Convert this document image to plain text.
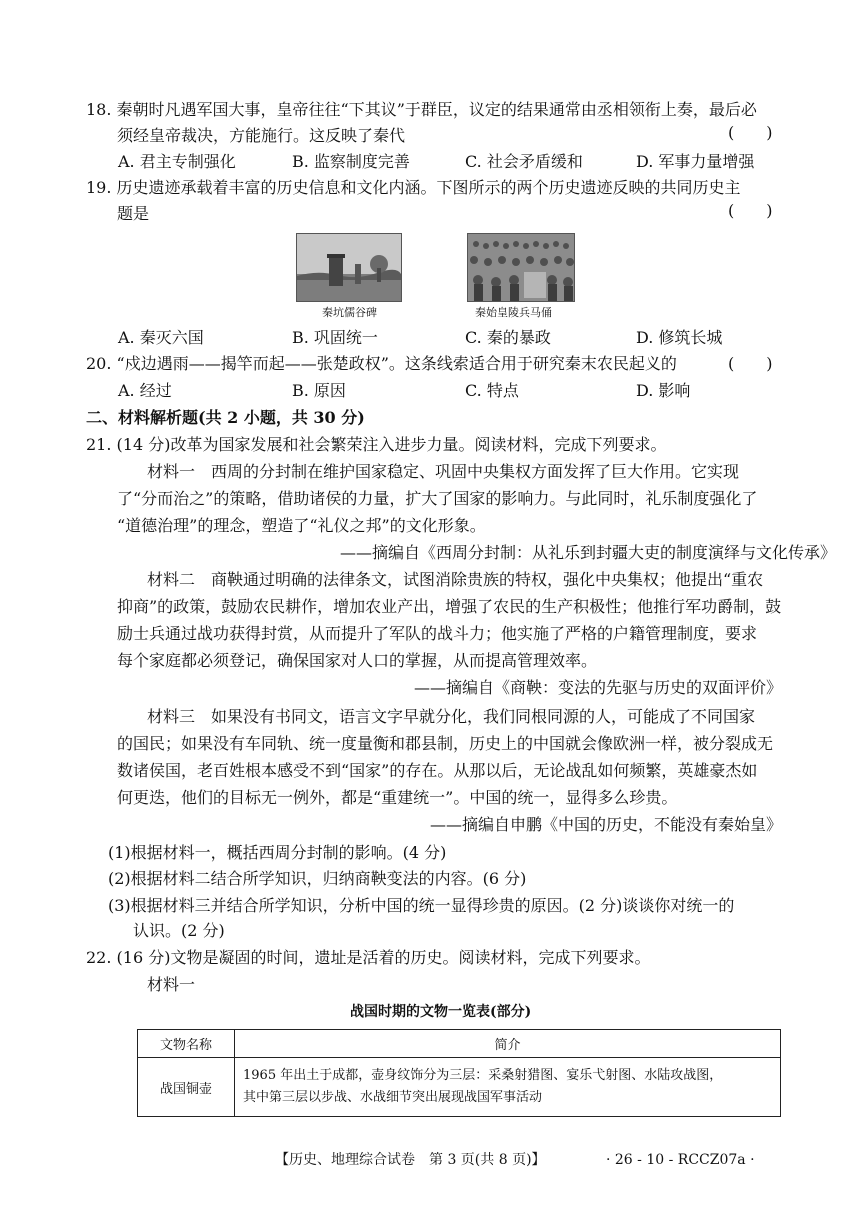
18. 秦朝时凡遇军国大事，皇帝往往“下其议”于群臣，议定的结果通常由丞相领衔上奏，最后必
须经皇帝裁决，方能施行。这反映了秦代	(　　)
A. 君主专制强化	B. 监察制度完善	C. 社会矛盾缓和	D. 军事力量增强
19. 历史遗迹承载着丰富的历史信息和文化内涵。下图所示的两个历史遗迹反映的共同历史主
题是	(　　)
秦坑儒谷碑	秦始皇陵兵马俑
A. 秦灭六国	B. 巩固统一	C. 秦的暴政	D. 修筑长城
20. “戍边遇雨——揭竿而起——张楚政权”。这条线索适合用于研究秦末农民起义的	(　　)
A. 经过	B. 原因	C. 特点	D. 影响
二、材料解析题(共 2 小题，共 30 分)
21. (14 分)改革为国家发展和社会繁荣注入进步力量。阅读材料，完成下列要求。
材料一　西周的分封制在维护国家稳定、巩固中央集权方面发挥了巨大作用。它实现
了“分而治之”的策略，借助诸侯的力量，扩大了国家的影响力。与此同时，礼乐制度强化了
“道德治理”的理念，塑造了“礼仪之邦”的文化形象。
——摘编自《西周分封制：从礼乐到封疆大吏的制度演绎与文化传承》
材料二　商鞅通过明确的法律条文，试图消除贵族的特权，强化中央集权；他提出“重农
抑商”的政策，鼓励农民耕作，增加农业产出，增强了农民的生产积极性；他推行军功爵制，鼓
励士兵通过战功获得封赏，从而提升了军队的战斗力；他实施了严格的户籍管理制度，要求
每个家庭都必须登记，确保国家对人口的掌握，从而提高管理效率。
——摘编自《商鞅：变法的先驱与历史的双面评价》
材料三　如果没有书同文，语言文字早就分化，我们同根同源的人，可能成了不同国家
的国民；如果没有车同轨、统一度量衡和郡县制，历史上的中国就会像欧洲一样，被分裂成无
数诸侯国，老百姓根本感受不到“国家”的存在。从那以后，无论战乱如何频繁，英雄豪杰如
何更迭，他们的目标无一例外，都是“重建统一”。中国的统一，显得多么珍贵。
——摘编自申鹏《中国的历史，不能没有秦始皇》
(1)根据材料一，概括西周分封制的影响。(4 分)
(2)根据材料二结合所学知识，归纳商鞅变法的内容。(6 分)
(3)根据材料三并结合所学知识，分析中国的统一显得珍贵的原因。(2 分)谈谈你对统一的
认识。(2 分)
22. (16 分)文物是凝固的时间，遗址是活着的历史。阅读材料，完成下列要求。
材料一
战国时期的文物一览表(部分)
文物名称	简介
战国铜壶	1965 年出土于成都，壶身纹饰分为三层：采桑射猎图、宴乐弋射图、水陆攻战图，
其中第三层以步战、水战细节突出展现战国军事活动
【历史、地理综合试卷　第 3 页(共 8 页)】	· 26 - 10 - RCCZ07a ·
